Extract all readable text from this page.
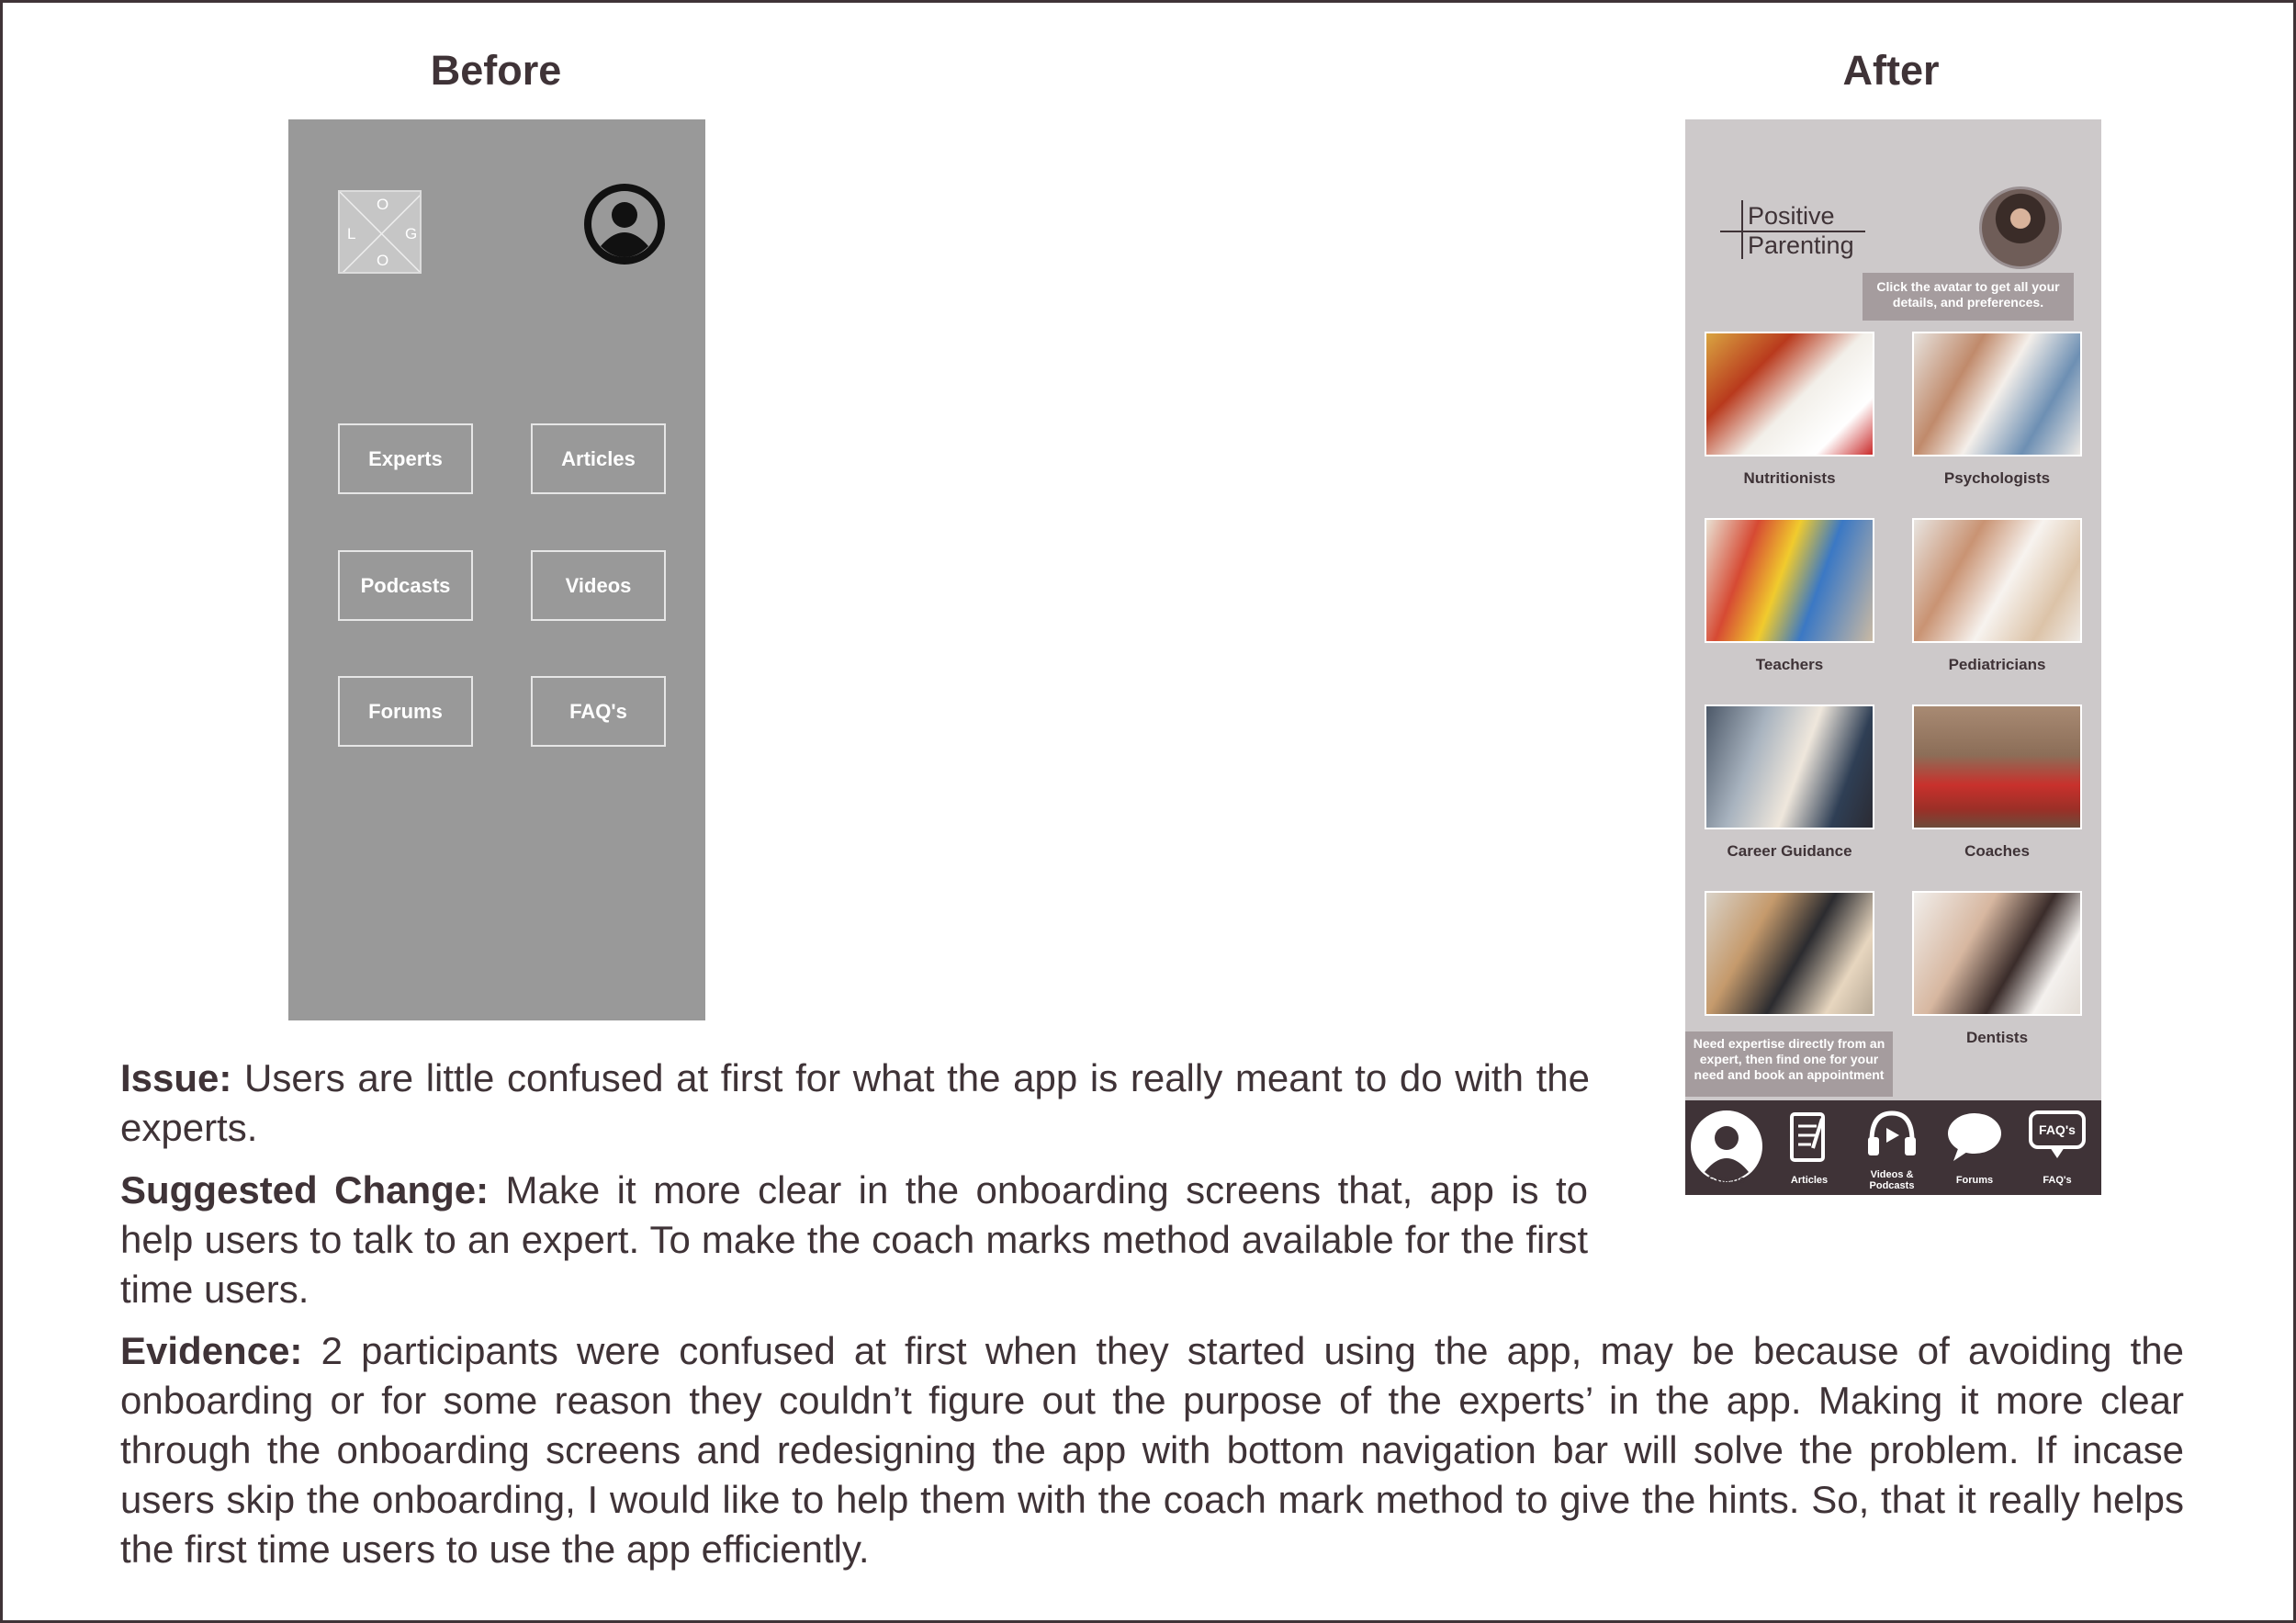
Before	After
O
L	G
O
Experts	Articles
Podcasts	Videos
Forums	FAQ's
Positive
Parenting
Click the avatar to get all your details, and preferences.
Nutritionists	Psychologists
Teachers	Pediatricians
Career Guidance	Coaches
Dentists
Need expertise directly from an expert, then find one for your need and book an appointment
Experts	Articles	Videos & Podcasts	Forums
FAQ's
FAQ's
Issue: Users are little confused at first for what the app is really meant to do with the experts.
Suggested Change: Make it more clear in the onboarding screens that, app is to help users to talk to an expert. To make the coach marks method available for the first time users.
Evidence: 2 participants were confused at first when they started using the app, may be because of avoiding the onboarding or for some reason they couldn’t figure out the purpose of the experts’ in the app. Making it more clear through the onboarding screens and redesigning the app with bottom navigation bar will solve the problem. If incase users skip the onboarding, I would like to help them with the coach mark method to give the hints. So, that it really helps the first time users to use the app efficiently.
